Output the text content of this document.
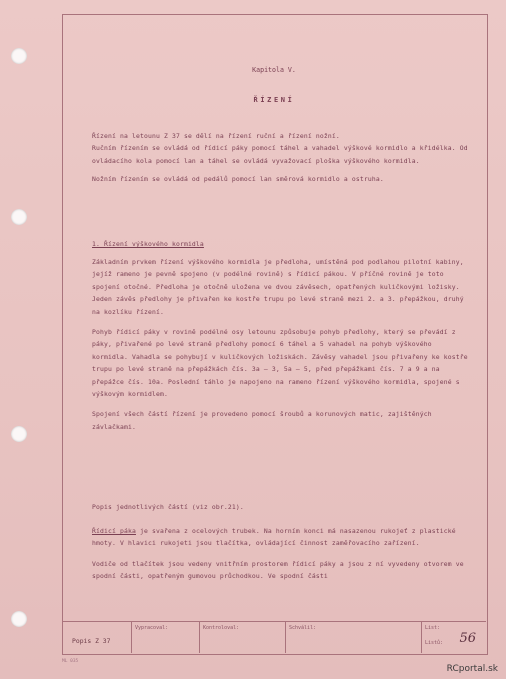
Kapitola V.
ŘÍZENÍ

Řízení na letounu Z 37 se dělí na řízení ruční a řízení nožní.

Ručním řízením se ovládá od řídicí páky pomocí táhel a vahadel výškové kormidlo a křidélka. Od ovládacího kola pomocí lan a táhel se ovládá vyvažovací ploška výškového kormidla.

Nožním řízením se ovládá od pedálů pomocí lan směrová kormidlo a ostruha.

1. Řízení výškového kormidla

Základním prvkem řízení výškového kormidla je předloha, umístěná pod podlahou pilotní kabiny, jejíž rameno je pevně spojeno (v podélné rovině) s řídicí pákou. V příčné rovině je toto spojení otočné. Předloha je otočně uložena ve dvou závěsech, opatřených kuličkovými ložisky. Jeden závěs předlohy je přivařen ke kostře trupu po levé straně mezi 2. a 3. přepážkou, druhý na kozlíku řízení.

Pohyb řídicí páky v rovině podélné osy letounu způsobuje pohyb předlohy, který se převádí z páky, přivařené po levé straně předlohy pomocí 6 táhel a 5 vahadel na pohyb výškového kormidla. Vahadla se pohybují v kuličkových ložiskách. Závěsy vahadel jsou přivařeny ke kostře trupu po levé straně na přepážkách čís. 3a – 3, 5a – 5, před přepážkami čís. 7 a 9 a na přepážce čís. 10a. Poslední táhlo je napojeno na rameno řízení výškového kormidla, spojené s výškovým kormidlem.

Spojení všech částí řízení je provedeno pomocí šroubů a korunových matic, zajištěných závlačkami.

Popis jednotlivých částí (viz obr.21).

Řídicí páka je svařena z ocelových trubek. Na horním konci má nasazenou rukojeť z plastické hmoty. V hlavici rukojeti jsou tlačítka, ovládající činnost zaměřovacího zařízení.

Vodiče od tlačítek jsou vedeny vnitřním prostorem řídicí páky a jsou z ní vyvedeny otvorem ve spodní části, opatřeným gumovou průchodkou. Ve spodní části

Popis Z 37
Vypracoval:	Kontroloval:	Schválil:	List:
Listů: 56
ML 035
RCportal.sk
